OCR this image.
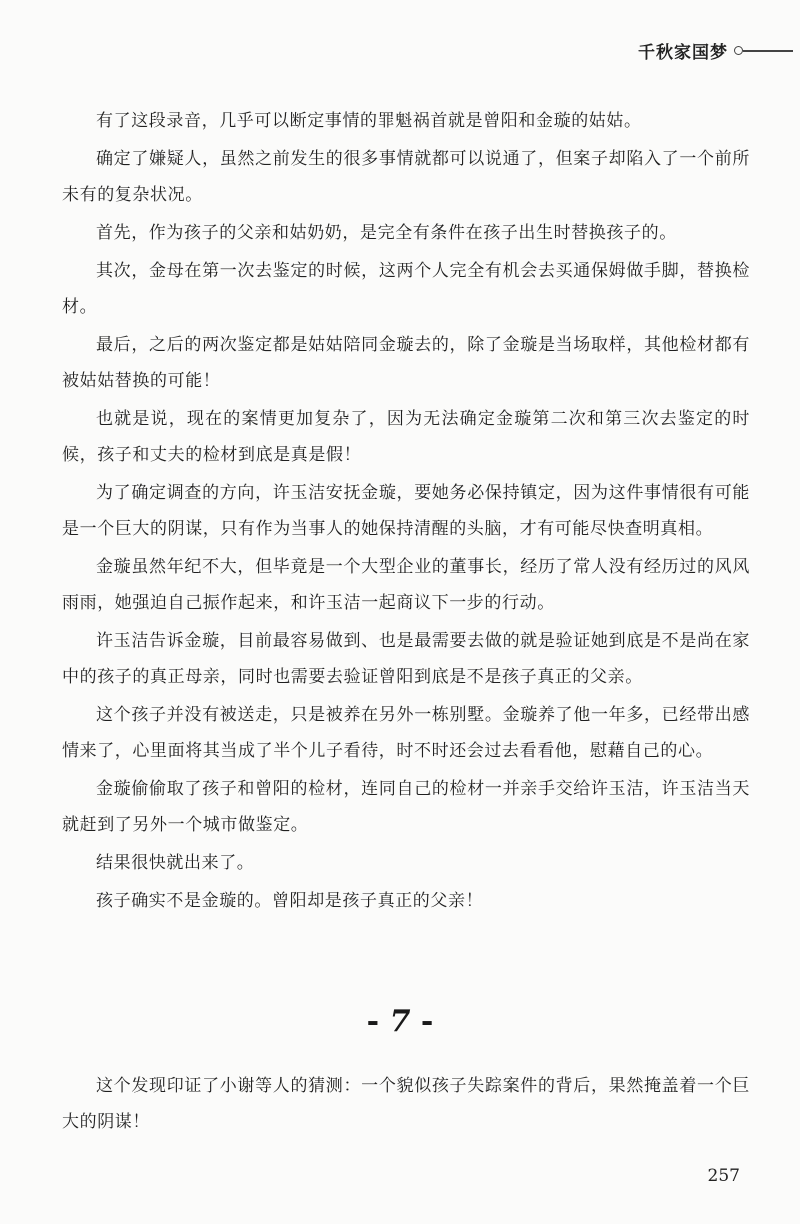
千秋家国梦

有了这段录音，几乎可以断定事情的罪魁祸首就是曾阳和金璇的姑姑。

确定了嫌疑人，虽然之前发生的很多事情就都可以说通了，但案子却陷入了一个前所未有的复杂状况。

首先，作为孩子的父亲和姑奶奶，是完全有条件在孩子出生时替换孩子的。

其次，金母在第一次去鉴定的时候，这两个人完全有机会去买通保姆做手脚，替换检材。

最后，之后的两次鉴定都是姑姑陪同金璇去的，除了金璇是当场取样，其他检材都有被姑姑替换的可能！

也就是说，现在的案情更加复杂了，因为无法确定金璇第二次和第三次去鉴定的时候，孩子和丈夫的检材到底是真是假！

为了确定调查的方向，许玉洁安抚金璇，要她务必保持镇定，因为这件事情很有可能是一个巨大的阴谋，只有作为当事人的她保持清醒的头脑，才有可能尽快查明真相。

金璇虽然年纪不大，但毕竟是一个大型企业的董事长，经历了常人没有经历过的风风雨雨，她强迫自己振作起来，和许玉洁一起商议下一步的行动。

许玉洁告诉金璇，目前最容易做到、也是最需要去做的就是验证她到底是不是尚在家中的孩子的真正母亲，同时也需要去验证曾阳到底是不是孩子真正的父亲。

这个孩子并没有被送走，只是被养在另外一栋别墅。金璇养了他一年多，已经带出感情来了，心里面将其当成了半个儿子看待，时不时还会过去看看他，慰藉自己的心。

金璇偷偷取了孩子和曾阳的检材，连同自己的检材一并亲手交给许玉洁，许玉洁当天就赶到了另外一个城市做鉴定。

结果很快就出来了。

孩子确实不是金璇的。曾阳却是孩子真正的父亲！

- 7 -

这个发现印证了小谢等人的猜测：一个貌似孩子失踪案件的背后，果然掩盖着一个巨大的阴谋！

257
